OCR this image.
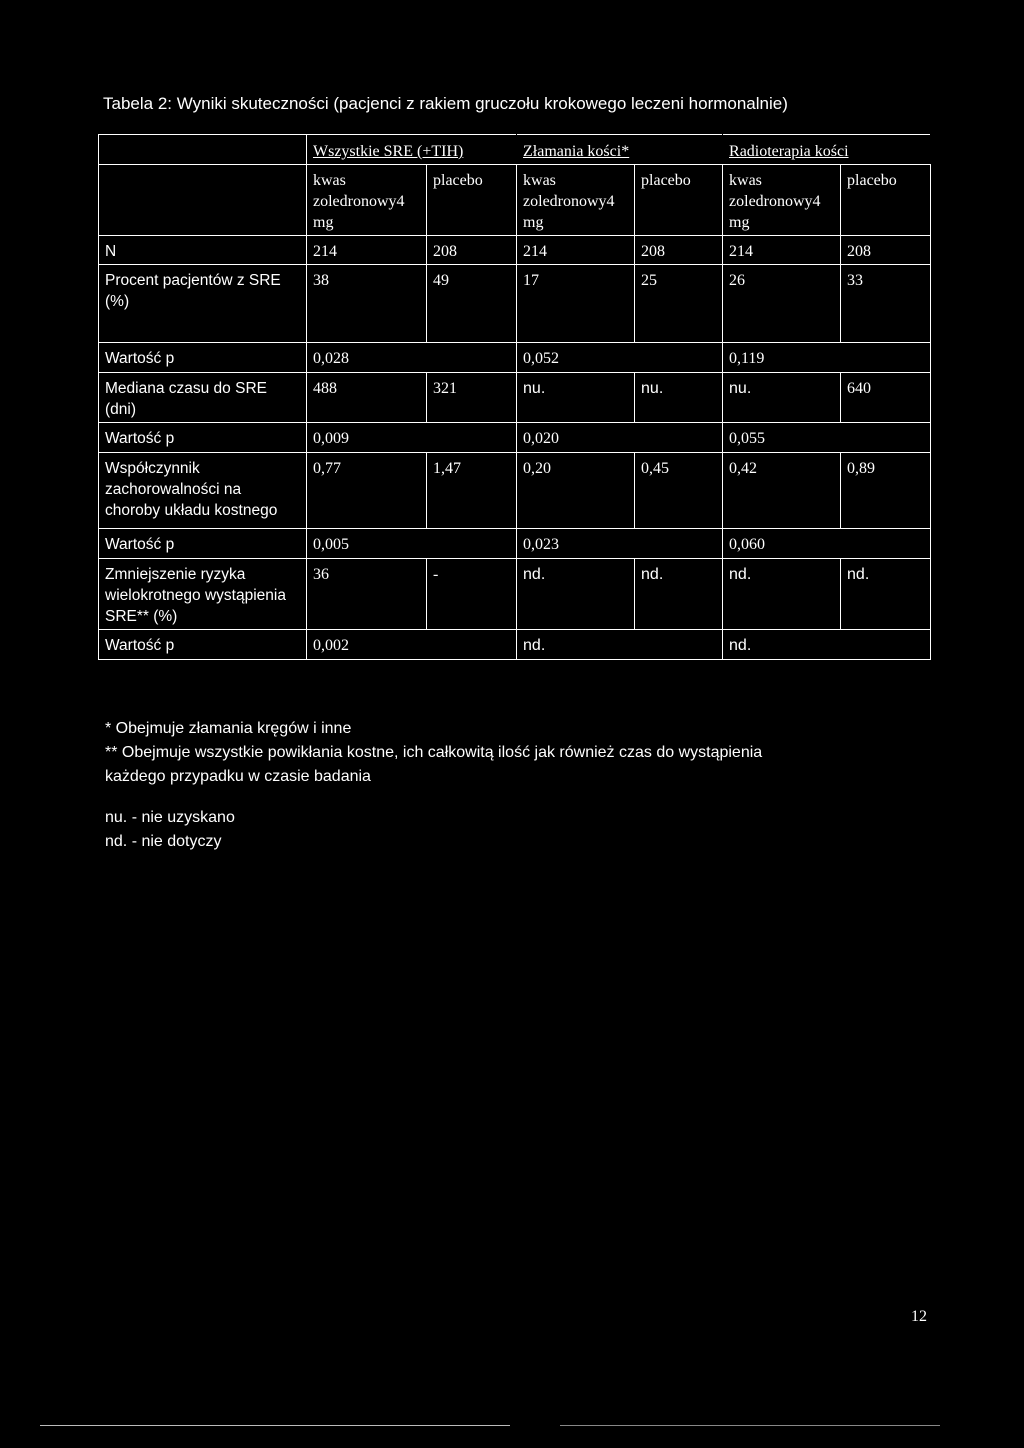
Tabela 2: Wyniki skuteczności (pacjenci z rakiem gruczołu krokowego leczeni hormonalnie)
	Wszystkie SRE (+TIH)		Złamania kości*		Radioterapia kości	
	kwas zoledronowy4 mg	placebo	kwas zoledronowy4 mg	placebo	kwas zoledronowy4 mg	placebo
N	214	208	214	208	214	208
Procent pacjentów z SRE (%)	38	49	17	25	26	33
Wartość p	0,028		0,052		0,119	
Mediana czasu do SRE (dni)	488	321	nu.	nu.	nu.	640
Wartość p	0,009		0,020		0,055	
Współczynnik zachorowalności na choroby układu kostnego	0,77	1,47	0,20	0,45	0,42	0,89
Wartość p	0,005		0,023		0,060	
Zmniejszenie ryzyka wielokrotnego wystąpienia SRE** (%)	36	-	nd.	nd.	nd.	nd.
Wartość p	0,002		nd.		nd.	
* Obejmuje złamania kręgów i inne
** Obejmuje wszystkie powikłania kostne, ich całkowitą ilość jak również czas do wystąpienia
każdego przypadku w czasie badania
nu. - nie uzyskano
nd. - nie dotyczy
12
